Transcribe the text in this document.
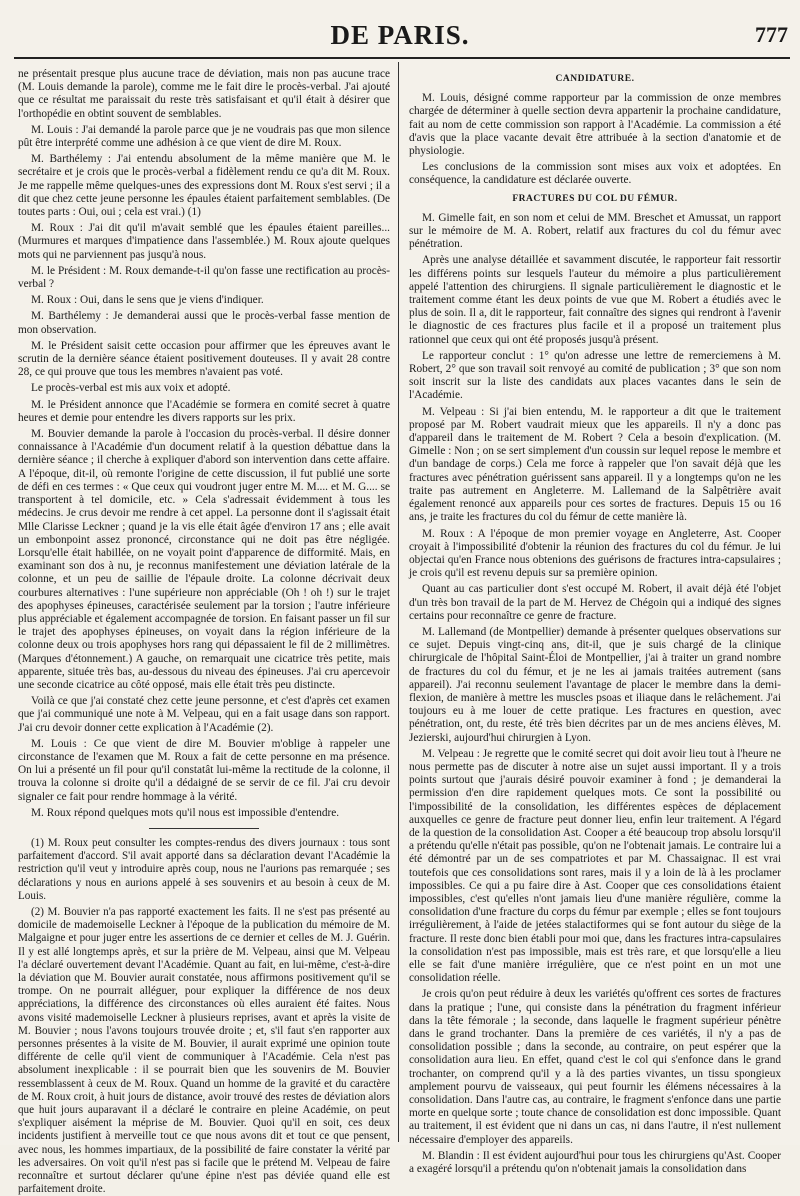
DE PARIS.	777

ne présentait presque plus aucune trace de déviation, mais non pas aucune trace (M. Louis demande la parole), comme me le fait dire le procès-verbal. J'ai ajouté que ce résultat me paraissait du reste très satisfaisant et qu'il était à désirer que l'orthopédie en obtint souvent de semblables.

M. Louis : J'ai demandé la parole parce que je ne voudrais pas que mon silence pût être interprété comme une adhésion à ce que vient de dire M. Roux.

M. Barthélemy : J'ai entendu absolument de la même manière que M. le secrétaire et je crois que le procès-verbal a fidèlement rendu ce qu'a dit M. Roux. Je me rappelle même quelques-unes des expressions dont M. Roux s'est servi ; il a dit que chez cette jeune personne les épaules étaient parfaitement semblables. (De toutes parts : Oui, oui ; cela est vrai.) (1)

M. Roux : J'ai dit qu'il m'avait semblé que les épaules étaient pareilles... (Murmures et marques d'impatience dans l'assemblée.) M. Roux ajoute quelques mots qui ne parviennent pas jusqu'à nous.

M. le Président : M. Roux demande-t-il qu'on fasse une rectification au procès-verbal ?

M. Roux : Oui, dans le sens que je viens d'indiquer.

M. Barthélemy : Je demanderai aussi que le procès-verbal fasse mention de mon observation.

M. le Président saisit cette occasion pour affirmer que les épreuves avant le scrutin de la dernière séance étaient positivement douteuses. Il y avait 28 contre 28, ce qui prouve que tous les membres n'avaient pas voté.

Le procès-verbal est mis aux voix et adopté.

M. le Président annonce que l'Académie se formera en comité secret à quatre heures et demie pour entendre les divers rapports sur les prix.

M. Bouvier demande la parole à l'occasion du procès-verbal. Il désire donner connaissance à l'Académie d'un document relatif à la question débattue dans la dernière séance ; il cherche à expliquer d'abord son intervention dans cette affaire. A l'époque, dit-il, où remonte l'origine de cette discussion, il fut publié une sorte de défi en ces termes : « Que ceux qui voudront juger entre M. M.... et M. G.... se transportent à tel domicile, etc. » Cela s'adressait évidemment à tous les médecins. Je crus devoir me rendre à cet appel. La personne dont il s'agissait était Mlle Clarisse Leckner ; quand je la vis elle était âgée d'environ 17 ans ; elle avait un embonpoint assez prononcé, circonstance qui ne doit pas être négligée. Lorsqu'elle était habillée, on ne voyait point d'apparence de difformité. Mais, en examinant son dos à nu, je reconnus manifestement une déviation latérale de la colonne, et un peu de saillie de l'épaule droite. La colonne décrivait deux courbures alternatives : l'une supérieure non appréciable (Oh ! oh !) sur le trajet des apophyses épineuses, caractérisée seulement par la torsion ; l'autre inférieure plus appréciable et également accompagnée de torsion. En faisant passer un fil sur le trajet des apophyses épineuses, on voyait dans la région inférieure de la colonne deux ou trois apophyses hors rang qui dépassaient le fil de 2 millimètres. (Marques d'étonnement.) A gauche, on remarquait une cicatrice très petite, mais apparente, située très bas, au-dessous du niveau des épineuses. J'ai cru apercevoir une seconde cicatrice au côté opposé, mais elle était très peu distincte.

Voilà ce que j'ai constaté chez cette jeune personne, et c'est d'après cet examen que j'ai communiqué une note à M. Velpeau, qui en a fait usage dans son rapport. J'ai cru devoir donner cette explication à l'Académie (2).

M. Louis : Ce que vient de dire M. Bouvier m'oblige à rappeler une circonstance de l'examen que M. Roux a fait de cette personne en ma présence. On lui a présenté un fil pour qu'il constatât lui-même la rectitude de la colonne, il trouva la colonne si droite qu'il a dédaigné de se servir de ce fil. J'ai cru devoir signaler ce fait pour rendre hommage à la vérité.

M. Roux répond quelques mots qu'il nous est impossible d'entendre.

(1) M. Roux peut consulter les comptes-rendus des divers journaux : tous sont parfaitement d'accord. S'il avait apporté dans sa déclaration devant l'Académie la restriction qu'il veut y introduire après coup, nous ne l'aurions pas remarquée ; ses déclarations y nous en aurions appelé à ses souvenirs et au besoin à ceux de M. Louis.

(2) M. Bouvier n'a pas rapporté exactement les faits. Il ne s'est pas présenté au domicile de mademoiselle Leckner à l'époque de la publication du mémoire de M. Malgaigne et pour juger entre les assertions de ce dernier et celles de M. J. Guérin. Il y est allé longtemps après, et sur la prière de M. Velpeau, ainsi que M. Velpeau l'a déclaré ouvertement devant l'Académie. Quant au fait, en lui-même, c'est-à-dire la déviation que M. Bouvier aurait constatée, nous affirmons positivement qu'il se trompe. On ne pourrait alléguer, pour expliquer la différence de nos deux appréciations, la différence des circonstances où elles auraient été faites. Nous avons visité mademoiselle Leckner à plusieurs reprises, avant et après la visite de M. Bouvier ; nous l'avons toujours trouvée droite ; et, s'il faut s'en rapporter aux personnes présentes à la visite de M. Bouvier, il aurait exprimé une opinion toute différente de celle qu'il vient de communiquer à l'Académie. Cela n'est pas absolument inexplicable : il se pourrait bien que les souvenirs de M. Bouvier ressemblassent à ceux de M. Roux. Quand un homme de la gravité et du caractère de M. Roux croit, à huit jours de distance, avoir trouvé des restes de déviation alors que huit jours auparavant il a déclaré le contraire en pleine Académie, on peut s'expliquer aisément la méprise de M. Bouvier. Quoi qu'il en soit, ces deux incidents justifient à merveille tout ce que nous avons dit et tout ce que pensent, avec nous, les hommes impartiaux, de la possibilité de faire constater la vérité par les adversaires. On voit qu'il n'est pas si facile que le prétend M. Velpeau de faire reconnaître et surtout déclarer qu'une épine n'est pas déviée quand elle est parfaitement droite.

CANDIDATURE.

M. Louis, désigné comme rapporteur par la commission de onze membres chargée de déterminer à quelle section devra appartenir la prochaine candidature, fait au nom de cette commission son rapport à l'Académie. La commission a été d'avis que la place vacante devait être attribuée à la section d'anatomie et de physiologie.

Les conclusions de la commission sont mises aux voix et adoptées. En conséquence, la candidature est déclarée ouverte.

FRACTURES DU COL DU FÉMUR.

M. Gimelle fait, en son nom et celui de MM. Breschet et Amussat, un rapport sur le mémoire de M. A. Robert, relatif aux fractures du col du fémur avec pénétration.

Après une analyse détaillée et savamment discutée, le rapporteur fait ressortir les différens points sur lesquels l'auteur du mémoire a plus particulièrement appelé l'attention des chirurgiens. Il signale particulièrement le diagnostic et le traitement comme étant les deux points de vue que M. Robert a étudiés avec le plus de soin. Il a, dit le rapporteur, fait connaître des signes qui rendront à l'avenir le diagnostic de ces fractures plus facile et il a proposé un traitement plus rationnel que ceux qui ont été proposés jusqu'à présent.

Le rapporteur conclut : 1° qu'on adresse une lettre de remerciemens à M. Robert, 2° que son travail soit renvoyé au comité de publication ; 3° que son nom soit inscrit sur la liste des candidats aux places vacantes dans le sein de l'Académie.

M. Velpeau : Si j'ai bien entendu, M. le rapporteur a dit que le traitement proposé par M. Robert vaudrait mieux que les appareils. Il n'y a donc pas d'appareil dans le traitement de M. Robert ? Cela a besoin d'explication. (M. Gimelle : Non ; on se sert simplement d'un coussin sur lequel repose le membre et d'un bandage de corps.) Cela me force à rappeler que l'on savait déjà que les fractures avec pénétration guérissent sans appareil. Il y a longtemps qu'on ne les traite pas autrement en Angleterre. M. Lallemand de la Salpêtrière avait également renoncé aux appareils pour ces sortes de fractures. Depuis 15 ou 16 ans, je traite les fractures du col du fémur de cette manière là.

M. Roux : A l'époque de mon premier voyage en Angleterre, Ast. Cooper croyait à l'impossibilité d'obtenir la réunion des fractures du col du fémur. Je lui objectai qu'en France nous obtenions des guérisons de fractures intra-capsulaires ; je crois qu'il est revenu depuis sur sa première opinion.

Quant au cas particulier dont s'est occupé M. Robert, il avait déjà été l'objet d'un très bon travail de la part de M. Hervez de Chégoin qui a indiqué des signes certains pour reconnaître ce genre de fracture.

M. Lallemand (de Montpellier) demande à présenter quelques observations sur ce sujet. Depuis vingt-cinq ans, dit-il, que je suis chargé de la clinique chirurgicale de l'hôpital Saint-Éloi de Montpellier, j'ai à traiter un grand nombre de fractures du col du fémur, et je ne les ai jamais traitées autrement (sans appareil). J'ai reconnu seulement l'avantage de placer le membre dans la demi-flexion, de manière à mettre les muscles psoas et iliaque dans le relâchement. J'ai toujours eu à me louer de cette pratique. Les fractures en question, avec pénétration, ont, du reste, été très bien décrites par un de mes anciens élèves, M. Jezierski, aujourd'hui chirurgien à Lyon.

M. Velpeau : Je regrette que le comité secret qui doit avoir lieu tout à l'heure ne nous permette pas de discuter à notre aise un sujet aussi important. Il y a trois points surtout que j'aurais désiré pouvoir examiner à fond ; je demanderai la permission d'en dire rapidement quelques mots. Ce sont la possibilité ou l'impossibilité de la consolidation, les différentes espèces de déplacement auxquelles ce genre de fracture peut donner lieu, enfin leur traitement. A l'égard de la question de la consolidation Ast. Cooper a été beaucoup trop absolu lorsqu'il a prétendu qu'elle n'était pas possible, qu'on ne l'obtenait jamais. Le contraire lui a été démontré par un de ses compatriotes et par M. Chassaignac. Il est vrai toutefois que ces consolidations sont rares, mais il y a loin de là à les proclamer impossibles. Ce qui a pu faire dire à Ast. Cooper que ces consolidations étaient impossibles, c'est qu'elles n'ont jamais lieu d'une manière régulière, comme la consolidation d'une fracture du corps du fémur par exemple ; elles se font toujours irrégulièrement, à l'aide de jetées stalactiformes qui se font autour du siège de la fracture. Il reste donc bien établi pour moi que, dans les fractures intra-capsulaires la consolidation n'est pas impossible, mais est très rare, et que lorsqu'elle a lieu elle se fait d'une manière irrégulière, que ce n'est point en un mot une consolidation réelle.

Je crois qu'on peut réduire à deux les variétés qu'offrent ces sortes de fractures dans la pratique ; l'une, qui consiste dans la pénétration du fragment inférieur dans la tête fémorale ; la seconde, dans laquelle le fragment supérieur pénètre dans le grand trochanter. Dans la première de ces variétés, il n'y a pas de consolidation possible ; dans la seconde, au contraire, on peut espérer que la consolidation aura lieu. En effet, quand c'est le col qui s'enfonce dans le grand trochanter, on comprend qu'il y a là des parties vivantes, un tissu spongieux amplement pourvu de vaisseaux, qui peut fournir les élémens nécessaires à la consolidation. Dans l'autre cas, au contraire, le fragment s'enfonce dans une partie morte en quelque sorte ; toute chance de consolidation est donc impossible. Quant au traitement, il est évident que ni dans un cas, ni dans l'autre, il n'est nullement nécessaire d'employer des appareils.

M. Blandin : Il est évident aujourd'hui pour tous les chirurgiens qu'Ast. Cooper a exagéré lorsqu'il a prétendu qu'on n'obtenait jamais la consolidation dans
